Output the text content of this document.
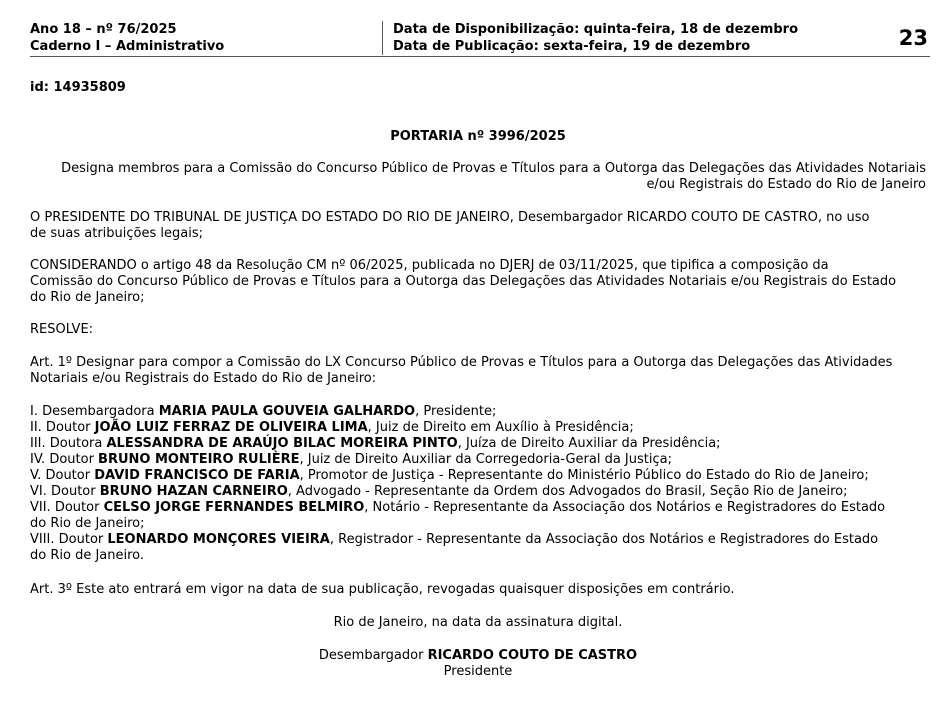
Ano 18 – nº 76/2025
Caderno I – Administrativo
Data de Disponibilização: quinta-feira, 18 de dezembro
Data de Publicação: sexta-feira, 19 de dezembro	23
id: 14935809
PORTARIA nº 3996/2025
Designa membros para a Comissão do Concurso Público de Provas e Títulos para a Outorga das Delegações das Atividades Notariais
e/ou Registrais do Estado do Rio de Janeiro
O PRESIDENTE DO TRIBUNAL DE JUSTIÇA DO ESTADO DO RIO DE JANEIRO, Desembargador RICARDO COUTO DE CASTRO, no uso
de suas atribuições legais;
CONSIDERANDO o artigo 48 da Resolução CM nº 06/2025, publicada no DJERJ de 03/11/2025, que tipifica a composição da
Comissão do Concurso Público de Provas e Títulos para a Outorga das Delegações das Atividades Notariais e/ou Registrais do Estado
do Rio de Janeiro;
RESOLVE:
Art. 1º Designar para compor a Comissão do LX Concurso Público de Provas e Títulos para a Outorga das Delegações das Atividades
Notariais e/ou Registrais do Estado do Rio de Janeiro:
I. Desembargadora MARIA PAULA GOUVEIA GALHARDO, Presidente;
II. Doutor JOÃO LUIZ FERRAZ DE OLIVEIRA LIMA, Juiz de Direito em Auxílio à Presidência;
III. Doutora ALESSANDRA DE ARAÚJO BILAC MOREIRA PINTO, Juíza de Direito Auxiliar da Presidência;
IV. Doutor BRUNO MONTEIRO RULIÈRE, Juiz de Direito Auxiliar da Corregedoria-Geral da Justiça;
V. Doutor DAVID FRANCISCO DE FARIA, Promotor de Justiça - Representante do Ministério Público do Estado do Rio de Janeiro;
VI. Doutor BRUNO HAZAN CARNEIRO, Advogado - Representante da Ordem dos Advogados do Brasil, Seção Rio de Janeiro;
VII. Doutor CELSO JORGE FERNANDES BELMIRO, Notário - Representante da Associação dos Notários e Registradores do Estado
do Rio de Janeiro;
VIII. Doutor LEONARDO MONÇORES VIEIRA, Registrador - Representante da Associação dos Notários e Registradores do Estado
do Rio de Janeiro.
Art. 3º Este ato entrará em vigor na data de sua publicação, revogadas quaisquer disposições em contrário.
Rio de Janeiro, na data da assinatura digital.
Desembargador RICARDO COUTO DE CASTRO
Presidente
